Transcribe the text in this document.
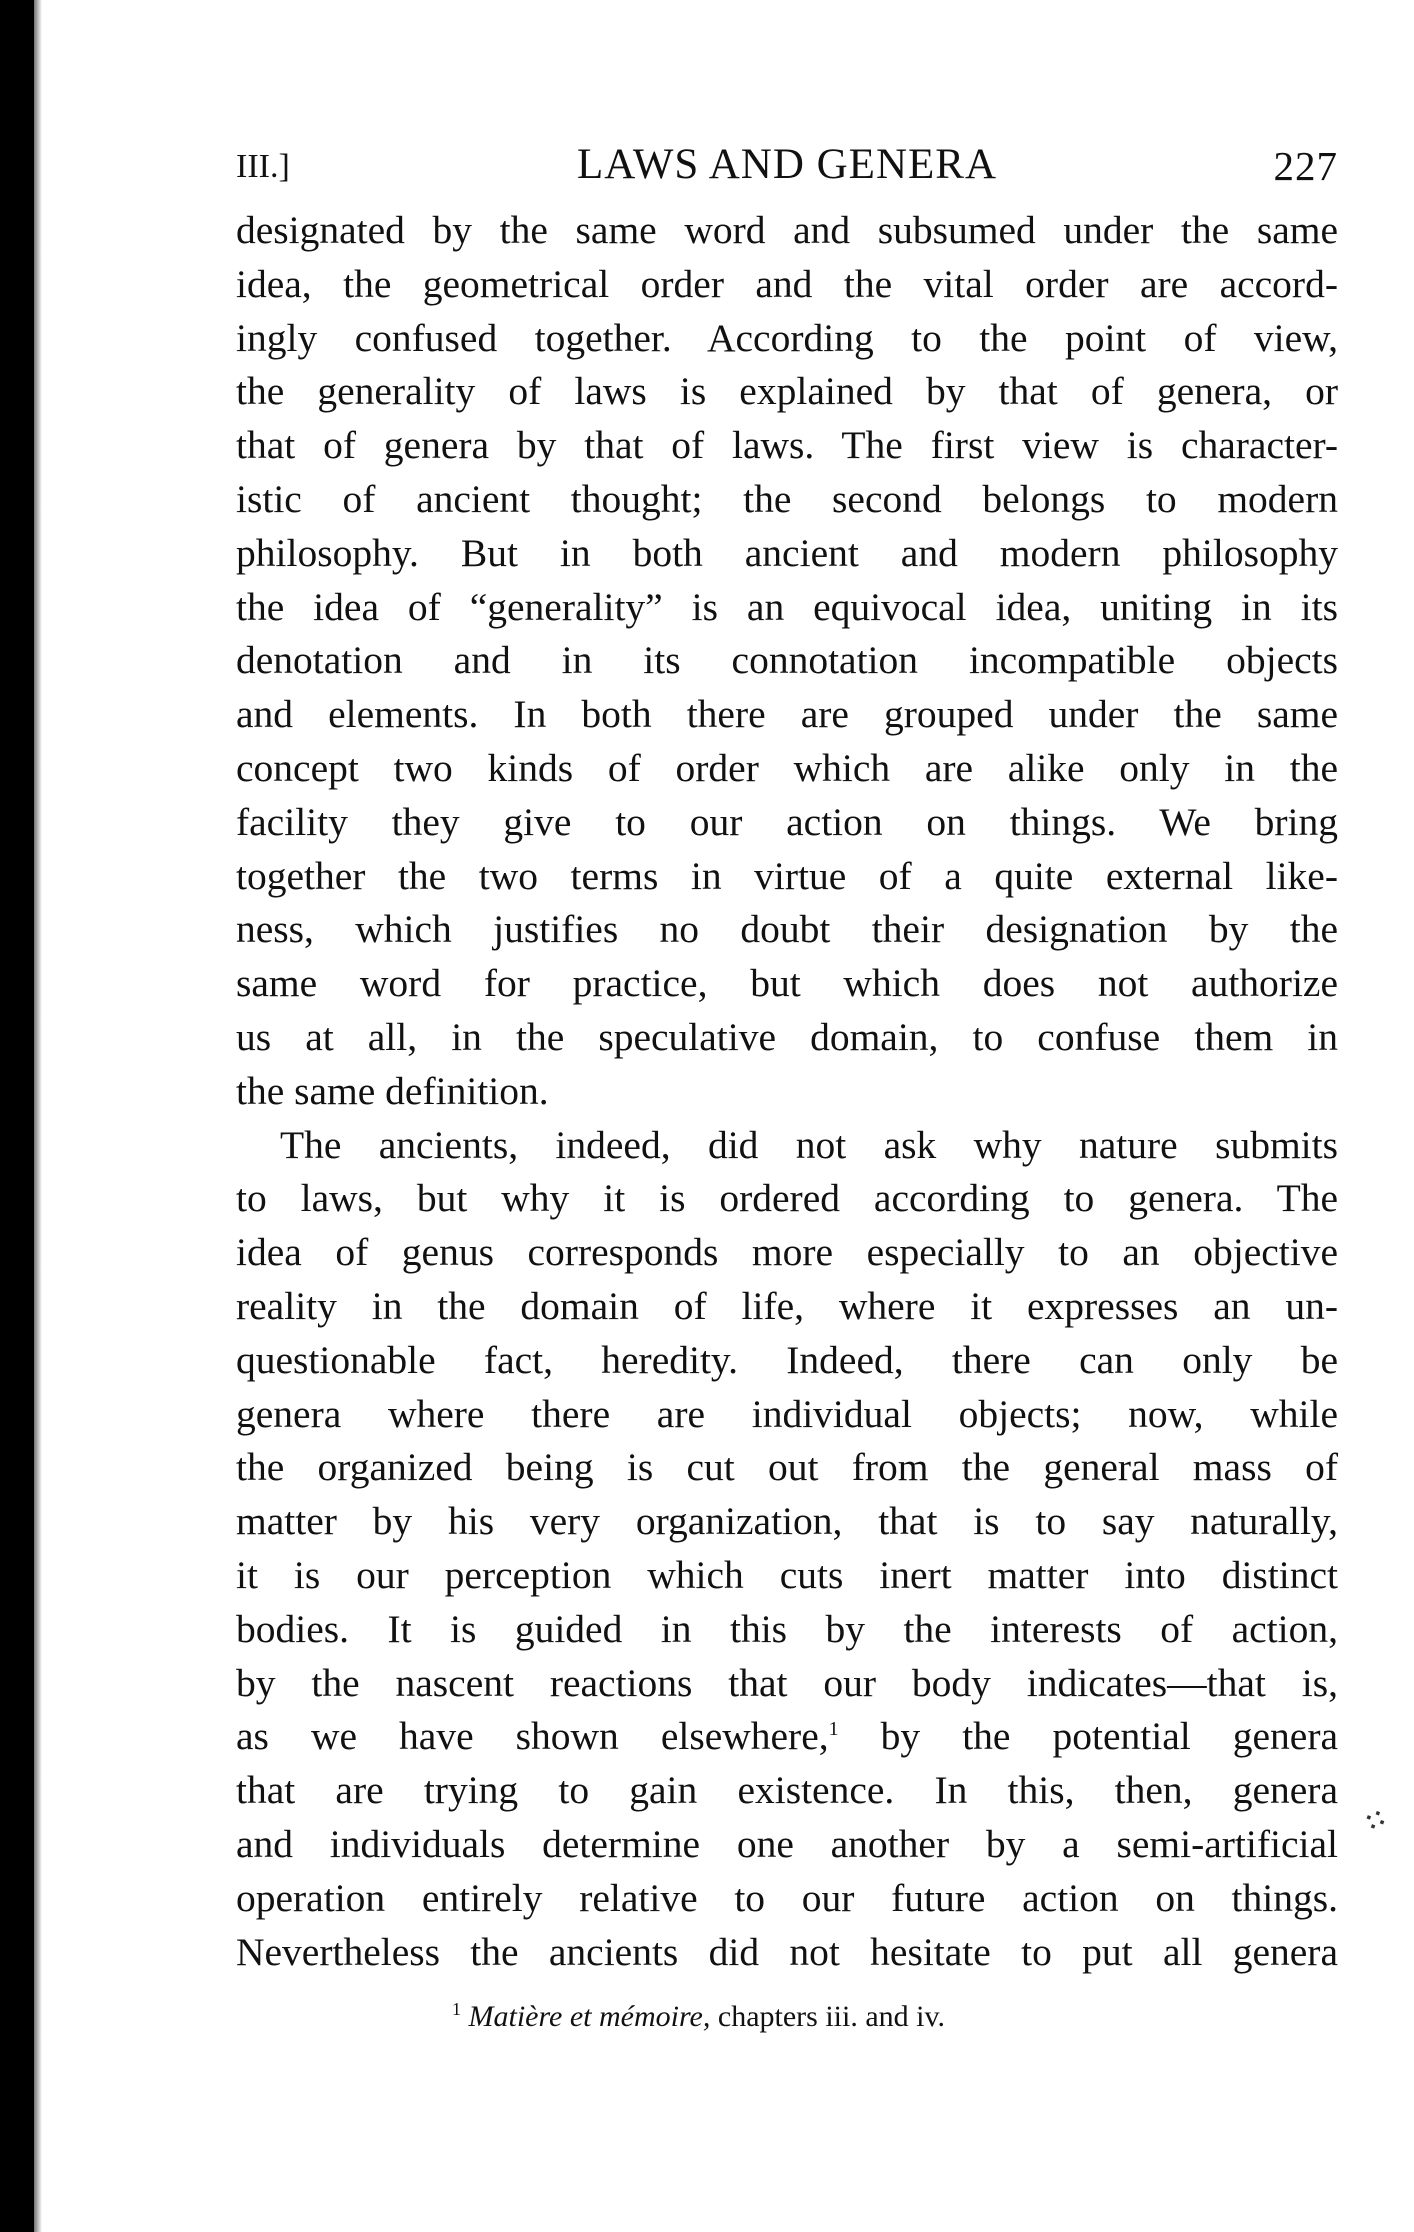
III.]	LAWS AND GENERA	227
designated by the same word and subsumed under the same
idea, the geometrical order and the vital order are accord-
ingly confused together. According to the point of view,
the generality of laws is explained by that of genera, or
that of genera by that of laws. The first view is character-
istic of ancient thought; the second belongs to modern
philosophy. But in both ancient and modern philosophy
the idea of “generality” is an equivocal idea, uniting in its
denotation and in its connotation incompatible objects
and elements. In both there are grouped under the same
concept two kinds of order which are alike only in the
facility they give to our action on things. We bring
together the two terms in virtue of a quite external like-
ness, which justifies no doubt their designation by the
same word for practice, but which does not authorize
us at all, in the speculative domain, to confuse them in
the same definition.
The ancients, indeed, did not ask why nature submits
to laws, but why it is ordered according to genera. The
idea of genus corresponds more especially to an objective
reality in the domain of life, where it expresses an un-
questionable fact, heredity. Indeed, there can only be
genera where there are individual objects; now, while
the organized being is cut out from the general mass of
matter by his very organization, that is to say naturally,
it is our perception which cuts inert matter into distinct
bodies. It is guided in this by the interests of action,
by the nascent reactions that our body indicates—that is,
as we have shown elsewhere,$^1$ by the potential genera
that are trying to gain existence. In this, then, genera
and individuals determine one another by a semi-artificial
operation entirely relative to our future action on things.
Nevertheless the ancients did not hesitate to put all genera
$^1$ Matière et mémoire, chapters iii. and iv.
⁘
